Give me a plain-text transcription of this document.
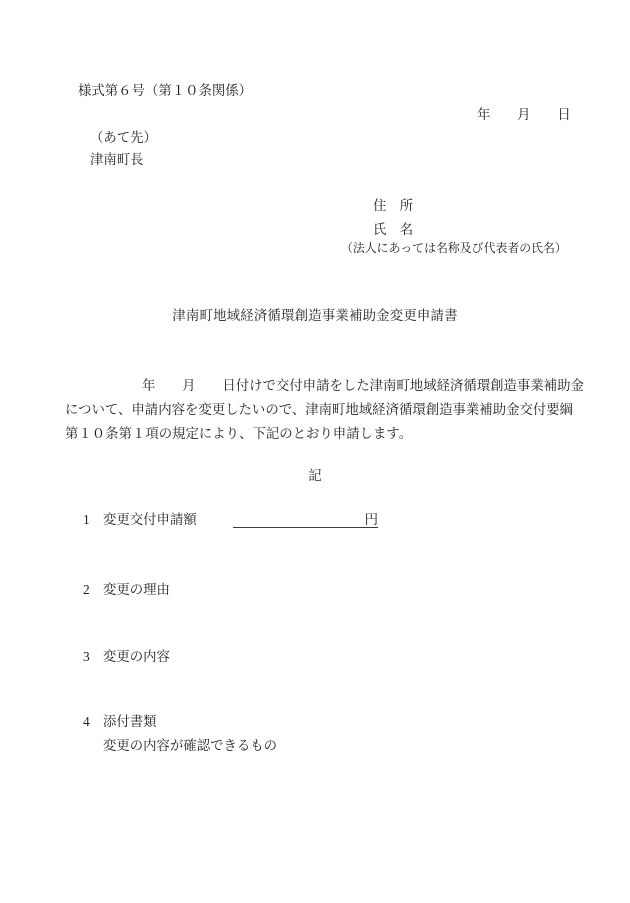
様式第６号（第１０条関係）
年　　月　　日
（あて先）
津南町長
住　所
氏　名
（法人にあっては名称及び代表者の氏名）
津南町地域経済循環創造事業補助金変更申請書
年　　月　　日付けで交付申請をした津南町地域経済循環創造事業補助金
について、申請内容を変更したいので、津南町地域経済循環創造事業補助金交付要綱
第１０条第１項の規定により、下記のとおり申請します。
記
1 変更交付申請額	円
2 変更の理由
3 変更の内容
4 添付書類
変更の内容が確認できるもの
